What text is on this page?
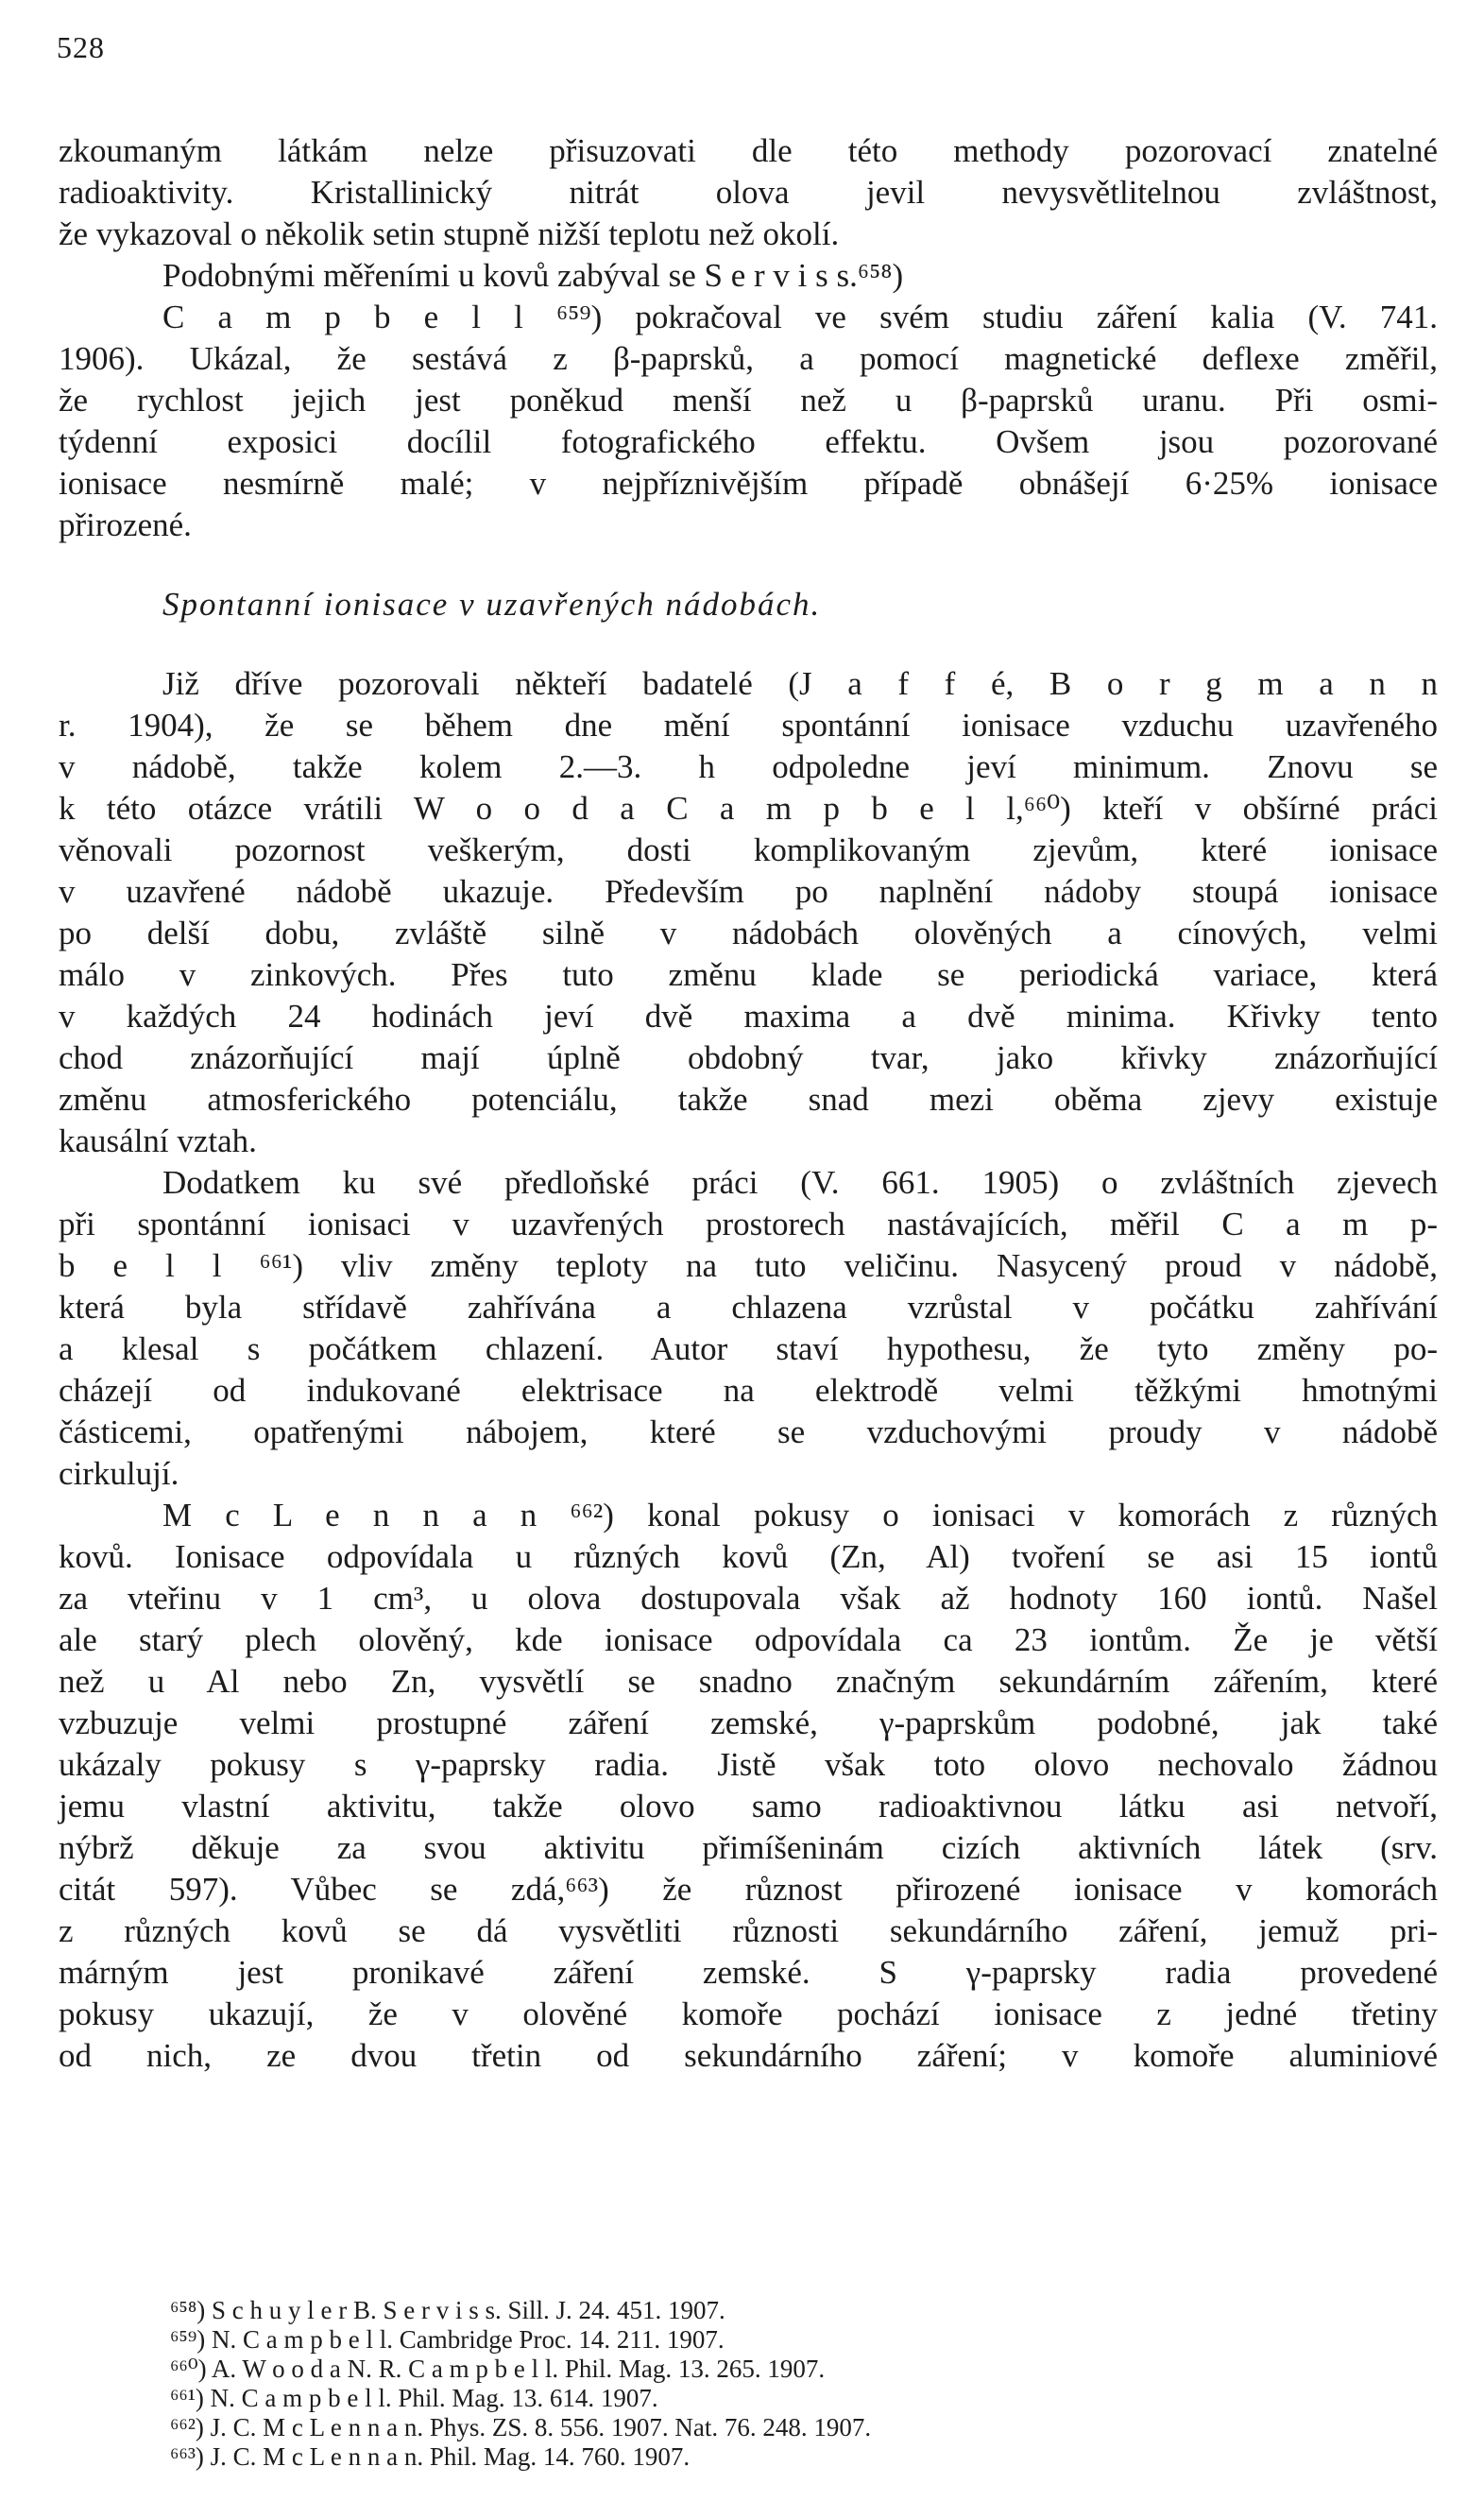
528
zkoumaným látkám nelze přisuzovati dle této methody pozorovací znatelné
radioaktivity. Kristallinický nitrát olova jevil nevysvětlitelnou zvláštnost,
že vykazoval o několik setin stupně nižší teplotu než okolí.
Podobnými měřeními u kovů zabýval se S e r v i s s.⁶⁵⁸)
C a m p b e l l ⁶⁵⁹) pokračoval ve svém studiu záření kalia (V. 741.
1906). Ukázal, že sestává z β-paprsků, a pomocí magnetické deflexe změřil,
že rychlost jejich jest poněkud menší než u β-paprsků uranu. Při osmi-
týdenní exposici docílil fotografického effektu. Ovšem jsou pozorované
ionisace nesmírně malé; v nejpříznivějším případě obnášejí 6·25% ionisace
přirozené.
Spontanní ionisace v uzavřených nádobách.
Již dříve pozorovali někteří badatelé (J a f f é, B o r g m a n n
r. 1904), že se během dne mění spontánní ionisace vzduchu uzavřeného
v nádobě, takže kolem 2.—3. h odpoledne jeví minimum. Znovu se
k této otázce vrátili W o o d a C a m p b e l l,⁶⁶⁰) kteří v obšírné práci
věnovali pozornost veškerým, dosti komplikovaným zjevům, které ionisace
v uzavřené nádobě ukazuje. Především po naplnění nádoby stoupá ionisace
po delší dobu, zvláště silně v nádobách olověných a cínových, velmi
málo v zinkových. Přes tuto změnu klade se periodická variace, která
v každých 24 hodinách jeví dvě maxima a dvě minima. Křivky tento
chod znázorňující mají úplně obdobný tvar, jako křivky znázorňující
změnu atmosferického potenciálu, takže snad mezi oběma zjevy existuje
kausální vztah.
Dodatkem ku své předloňské práci (V. 661. 1905) o zvláštních zjevech
při spontánní ionisaci v uzavřených prostorech nastávajících, měřil C a m p-
b e l l ⁶⁶¹) vliv změny teploty na tuto veličinu. Nasycený proud v nádobě,
která byla střídavě zahřívána a chlazena vzrůstal v počátku zahřívání
a klesal s počátkem chlazení. Autor staví hypothesu, že tyto změny po-
cházejí od indukované elektrisace na elektrodě velmi těžkými hmotnými
částicemi, opatřenými nábojem, které se vzduchovými proudy v nádobě
cirkulují.
M c L e n n a n ⁶⁶²) konal pokusy o ionisaci v komorách z různých
kovů. Ionisace odpovídala u různých kovů (Zn, Al) tvoření se asi 15 iontů
za vteřinu v 1 cm³, u olova dostupovala však až hodnoty 160 iontů. Našel
ale starý plech olověný, kde ionisace odpovídala ca 23 iontům. Že je větší
než u Al nebo Zn, vysvětlí se snadno značným sekundárním zářením, které
vzbuzuje velmi prostupné záření zemské, γ-paprskům podobné, jak také
ukázaly pokusy s γ-paprsky radia. Jistě však toto olovo nechovalo žádnou
jemu vlastní aktivitu, takže olovo samo radioaktivnou látku asi netvoří,
nýbrž děkuje za svou aktivitu přimíšeninám cizích aktivních látek (srv.
citát 597). Vůbec se zdá,⁶⁶³) že různost přirozené ionisace v komorách
z různých kovů se dá vysvětliti různosti sekundárního záření, jemuž pri-
márným jest pronikavé záření zemské. S γ-paprsky radia provedené
pokusy ukazují, že v olověné komoře pochází ionisace z jedné třetiny
od nich, ze dvou třetin od sekundárního záření; v komoře aluminiové
⁶⁵⁸) S c h u y l e r B. S e r v i s s. Sill. J. 24. 451. 1907.
⁶⁵⁹) N. C a m p b e l l. Cambridge Proc. 14. 211. 1907.
⁶⁶⁰) A. W o o d a N. R. C a m p b e l l. Phil. Mag. 13. 265. 1907.
⁶⁶¹) N. C a m p b e l l. Phil. Mag. 13. 614. 1907.
⁶⁶²) J. C. M c L e n n a n. Phys. ZS. 8. 556. 1907. Nat. 76. 248. 1907.
⁶⁶³) J. C. M c L e n n a n. Phil. Mag. 14. 760. 1907.
